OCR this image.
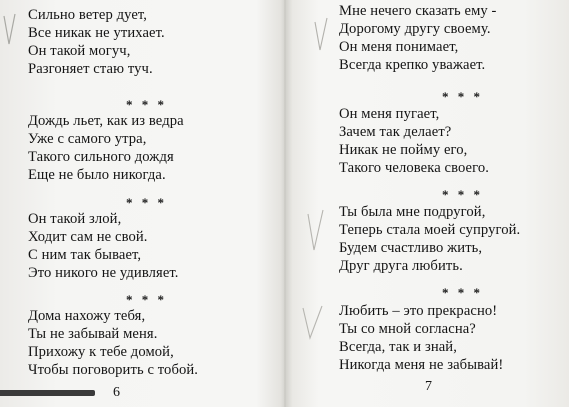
Сильно ветер дует,
Все никак не утихает.
Он такой могуч,
Разгоняет стаю туч.
* * *
Дождь льет, как из ведра
Уже с самого утра,
Такого сильного дождя
Еще не было никогда.
* * *
Он такой злой,
Ходит сам не свой.
С ним так бывает,
Это никого не удивляет.
* * *
Дома нахожу тебя,
Ты не забывай меня.
Прихожу к тебе домой,
Чтобы поговорить с тобой.
6
Мне нечего сказать ему -
Дорогому другу своему.
Он меня понимает,
Всегда крепко уважает.
* * *
Он меня пугает,
Зачем так делает?
Никак не пойму его,
Такого человека своего.
* * *
Ты была мне подругой,
Теперь стала моей супругой.
Будем счастливо жить,
Друг друга любить.
* * *
Любить – это прекрасно!
Ты со мной согласна?
Всегда, так и знай,
Никогда меня не забывай!
7
